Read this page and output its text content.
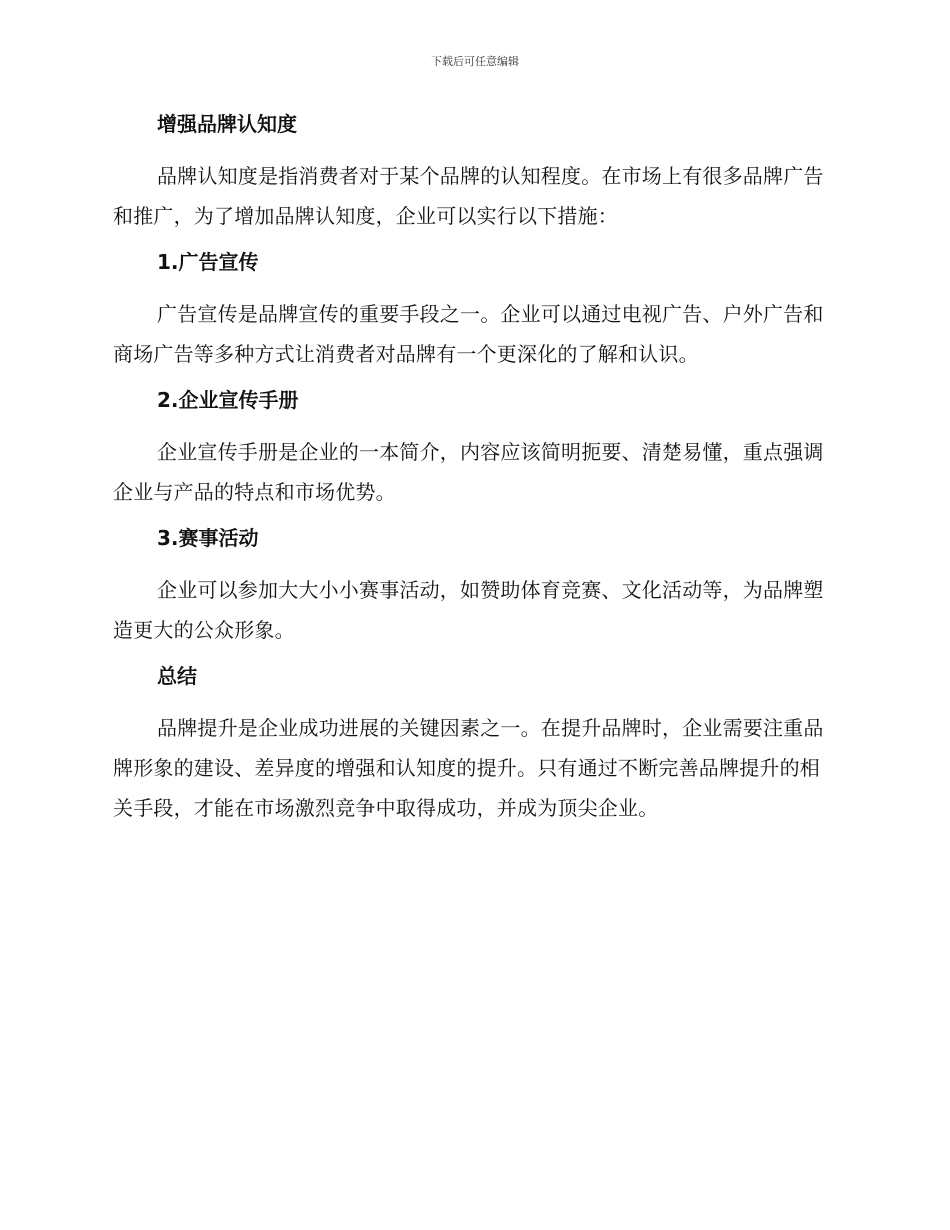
下载后可任意编辑
增强品牌认知度

品牌认知度是指消费者对于某个品牌的认知程度。在市场上有很多品牌广告和推广，为了增加品牌认知度，企业可以实行以下措施：

1.广告宣传

广告宣传是品牌宣传的重要手段之一。企业可以通过电视广告、户外广告和商场广告等多种方式让消费者对品牌有一个更深化的了解和认识。

2.企业宣传手册

企业宣传手册是企业的一本简介，内容应该简明扼要、清楚易懂，重点强调企业与产品的特点和市场优势。

3.赛事活动

企业可以参加大大小小赛事活动，如赞助体育竞赛、文化活动等，为品牌塑造更大的公众形象。

总结

品牌提升是企业成功进展的关键因素之一。在提升品牌时，企业需要注重品牌形象的建设、差异度的增强和认知度的提升。只有通过不断完善品牌提升的相关手段，才能在市场激烈竞争中取得成功，并成为顶尖企业。
